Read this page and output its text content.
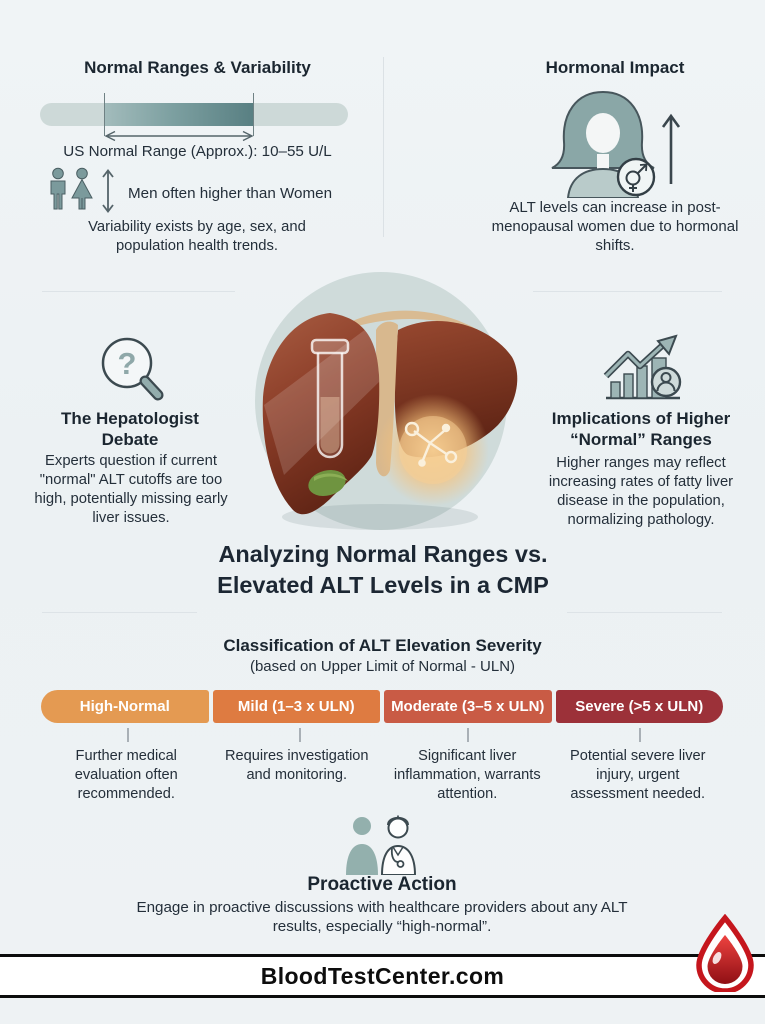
Normal Ranges & Variability
US Normal Range (Approx.): 10–55 U/L
Men often higher than Women
Variability exists by age, sex, and population health trends.
Hormonal Impact
ALT levels can increase in post-menopausal women due to hormonal shifts.
?
The Hepatologist Debate
Experts question if current "normal" ALT cutoffs are too high, potentially missing early liver issues.
Implications of Higher “Normal” Ranges
Higher ranges may reflect increasing rates of fatty liver disease in the population, normalizing pathology.
Analyzing Normal Ranges vs.
Elevated ALT Levels in a CMP
Classification of ALT Elevation Severity
(based on Upper Limit of Normal - ULN)
High-Normal	Mild (1–3 x ULN)	Moderate (3–5 x ULN)	Severe (>5 x ULN)
Further medical evaluation often recommended.
Requires investigation and monitoring.
Significant liver inflammation, warrants attention.
Potential severe liver injury, urgent assessment needed.
Proactive Action
Engage in proactive discussions with healthcare providers about any ALT results, especially “high-normal”.
BloodTestCenter.com
